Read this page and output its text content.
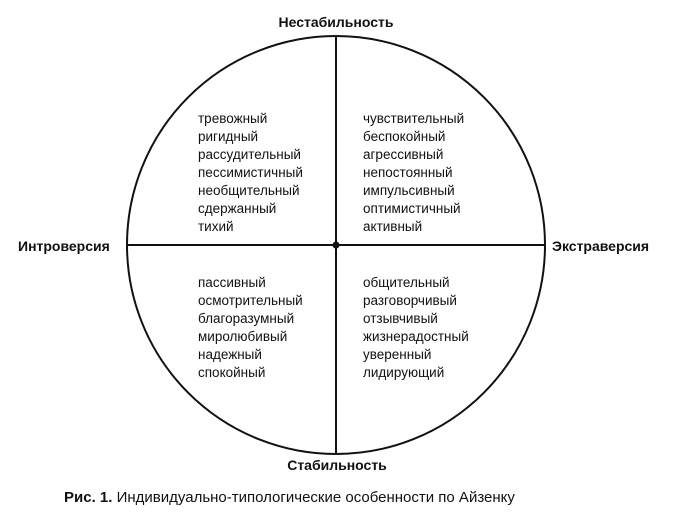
Нестабильность
Стабильность
Интроверсия	Экстраверсия
тревожный
ригидный
рассудительный
пессимистичный
необщительный
сдержанный
тихий
чувствительный
беспокойный
агрессивный
непостоянный
импульсивный
оптимистичный
активный
пассивный
осмотрительный
благоразумный
миролюбивый
надежный
спокойный
общительный
разговорчивый
отзывчивый
жизнерадостный
уверенный
лидирующий
Рис. 1. Индивидуально-типологические особенности по Айзенку
